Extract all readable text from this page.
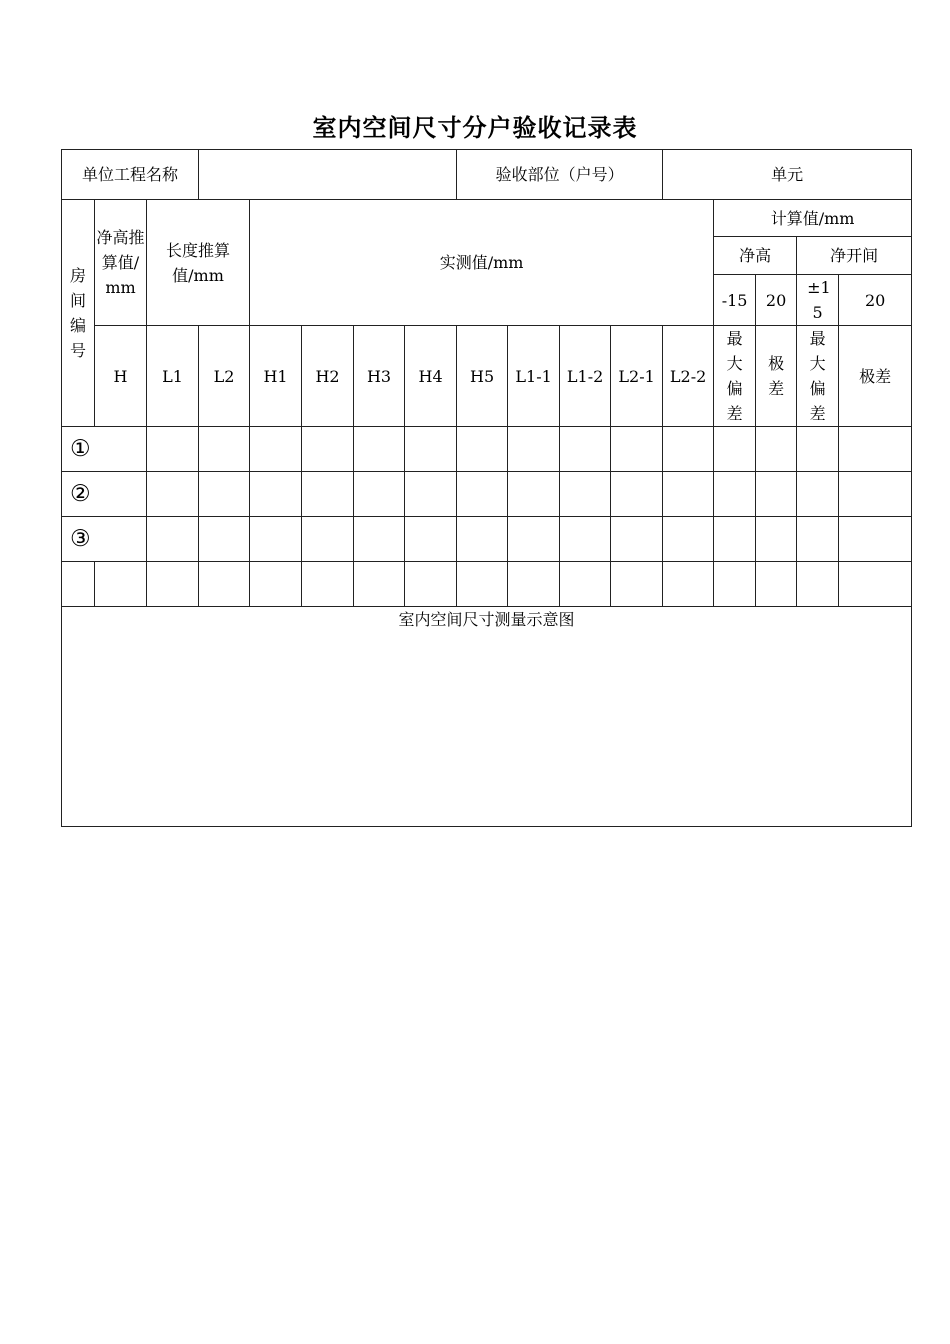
室内空间尺寸分户验收记录表
单位工程名称								验收部位（户号）				单元					
房间编号	净高推算值/mm	长度推算值/mm		实测值/mm									计算值/mm				
													净高		净开间		
													-15	20	±15	20	
	H	L1	L2	H1	H2	H3	H4	H5	L1-1	L1-2	L2-1	L2-2	最大偏差	极差	最大偏差	极差	
①																	
②																	
③																	

室内空间尺寸测量示意图																	
